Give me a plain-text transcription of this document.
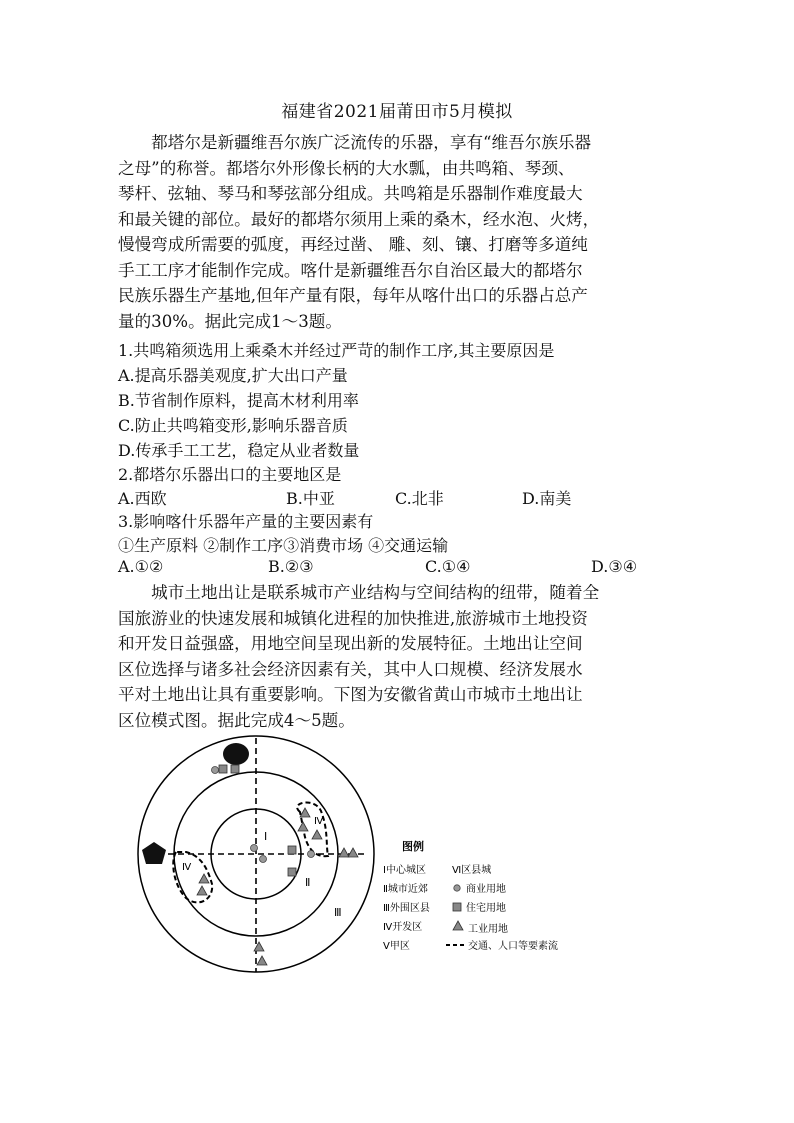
福建省2021届莆田市5月模拟
　　都塔尔是新疆维吾尔族广泛流传的乐器，享有“维吾尔族乐器
之母”的称誉。都塔尔外形像长柄的大水瓢，由共鸣箱、琴颈、
琴杆、弦轴、琴马和琴弦部分组成。共鸣箱是乐器制作难度最大
和最关键的部位。最好的都塔尔须用上乘的桑木，经水泡、火烤，
慢慢弯成所需要的弧度，再经过凿、 雕、刻、镶、打磨等多道纯
手工工序才能制作完成。喀什是新疆维吾尔自治区最大的都塔尔
民族乐器生产基地,但年产量有限，每年从喀什出口的乐器占总产
量的30%。据此完成1～3题。
1.共鸣箱须选用上乘桑木并经过严苛的制作工序,其主要原因是
A.提高乐器美观度,扩大出口产量
B.节省制作原料，提高木材利用率
C.防止共鸣箱变形,影响乐器音质
D.传承手工工艺，稳定从业者数量
2.都塔尔乐器出口的主要地区是
A.西欧	B.中亚	C.北非	D.南美
3.影响喀什乐器年产量的主要因素有
①生产原料 ②制作工序③消费市场 ④交通运输
A.①②	B.②③	C.①④	D.③④
　　城市土地出让是联系城市产业结构与空间结构的纽带，随着全
国旅游业的快速发展和城镇化进程的加快推进,旅游城市土地投资
和开发日益强盛，用地空间呈现出新的发展特征。土地出让空间
区位选择与诸多社会经济因素有关，其中人口规模、经济发展水
平对土地出让具有重要影响。下图为安徽省黄山市城市土地出让
区位模式图。据此完成4～5题。
Ⅰ
Ⅱ
Ⅲ
Ⅳ
Ⅳ
图例
Ⅰ中心城区	Ⅵ区县城
Ⅱ城市近郊	商业用地
Ⅲ外围区县	住宅用地
Ⅳ开发区	工业用地
Ⅴ甲区	交通、人口等要素流
